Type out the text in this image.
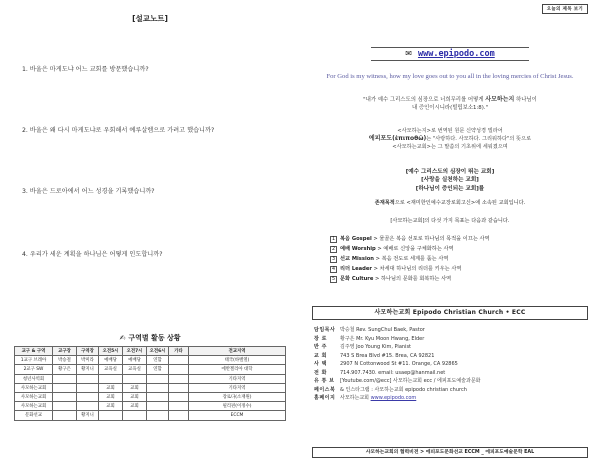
[설교노트]
1. 바울은 마게도냐 어느 교회를 방문했습니까?
2. 바울은 왜 다시 마게도냐로 우회해서 예루살렘으로 가려고 했습니까?
3. 바울은 드로아에서 어느 성경을 기록했습니까?
4. 우리가 세운 계획을 하나님은 어떻게 인도합니까?
✍ 구역별 활동 상황
교구 & 구역	교구장	구역장	오전5시	오전7시	오전6시	가타	전교지역
1교구 브레아	박승철	박미라	예배당	예배당	연합		태국(바벨열)
2교구 SW	황구은	황지니	교육실	교육실	연합		에반젤리아 대학
청년사역회							기타지역
사모하는교회			교회	교회			기타지역
사모하는교회			교회	교회			장로다(소재원)
사모하는교회			교회	교회			필리핀(이정수)
문화선교		황지니					ECCM
오늘의 제목 보기
✉ www.epipodo.com
For God is my witness, how my love goes out to you all in the loving mercies of Christ Jesus.
"내가 예수 그리스도의 심장으로 너희무리를 어떻게 사모하는지 하나님이
내 증인이시니라(빌립보소1:8)."
<사모하는지>로 번역된 원문 신약성경 빌라어
에피포도(ἐπιποθῶ)는 "사랑하다. 사모하다. 그리워하다"의 뜻으로
<사모하는교회>는 그 말씀의 기초위에 세워졌으며
[예수 그리스도의 심장이 뛰는 교회]
[사랑을 실천하는 교회]
[하나님이 증인되는 교회]를
존재목적으로 <재미한인예수교장로회고신>에 소속된 교회입니다.
[사모하는교회]의 다섯 가지 목표는 다음과 같습니다.
1 복음 Gospel > 물골은 복음 선포로 하나님의 목적을 이끄는 사역
2 예배 Worship > 예배로 신앙을 구체화하는 사역
3 선교 Mission > 복음 전도로 세계를 품는 사역
4 리더 Leader > 차세대 하나님의 리더를 키우는 사역
5 문화 Culture > 하나님의 문화를 회복하는 사역
사모하는교회 Epipodo Christian Church • ECC
담임목사 박승철 Rev. SungChul Baek, Pastor
장 로	황구은 Mr. Kyu Moon Hwang, Elder
반 주	김주영 Joo Young Kim, Pianist
교 회	743 S Brea Blvd #15. Brea, CA 92821
사 택	2907 N Cottonwood St #11. Orange, CA 92865
전 화	714.907.7430. email: usaep@hanmail.net
유 튜 브 [Youtube.com/@ecc] 사모하는교회 ecc / 에피포도예술과문화
페이스북 & 인스타그램 : 사모하는교회 epipodo christian church
홈페이지 사모하는교회 www.epipodo.com
사모하는교회의 협력비전 > 에피포도문화선교 ECCM _ 에피포도예술문학 EAL
